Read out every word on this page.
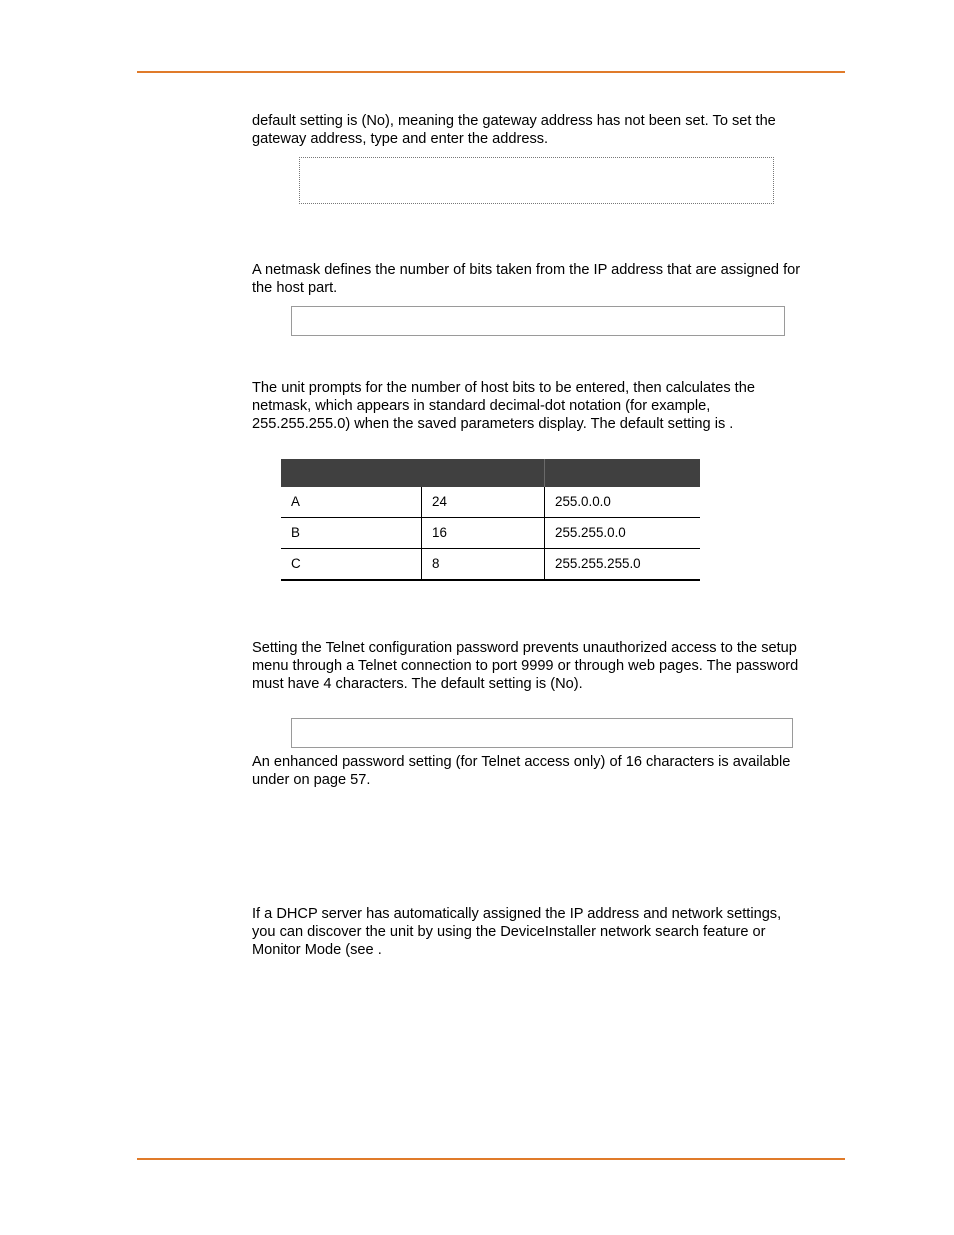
default setting is (No), meaning the gateway address has not been set. To set the
gateway address, type and enter the address.

A netmask defines the number of bits taken from the IP address that are assigned for
the host part.

The unit prompts for the number of host bits to be entered, then calculates the
netmask, which appears in standard decimal-dot notation (for example,
255.255.255.0) when the saved parameters display. The default setting is .

A	24	255.0.0.0
B	16	255.255.0.0
C	8	255.255.255.0

Setting the Telnet configuration password prevents unauthorized access to the setup
menu through a Telnet connection to port 9999 or through web pages. The password
must have 4 characters. The default setting is (No).

An enhanced password setting (for Telnet access only) of 16 characters is available
under on page 57.

If a DHCP server has automatically assigned the IP address and network settings,
you can discover the unit by using the DeviceInstaller network search feature or
Monitor Mode (see .
